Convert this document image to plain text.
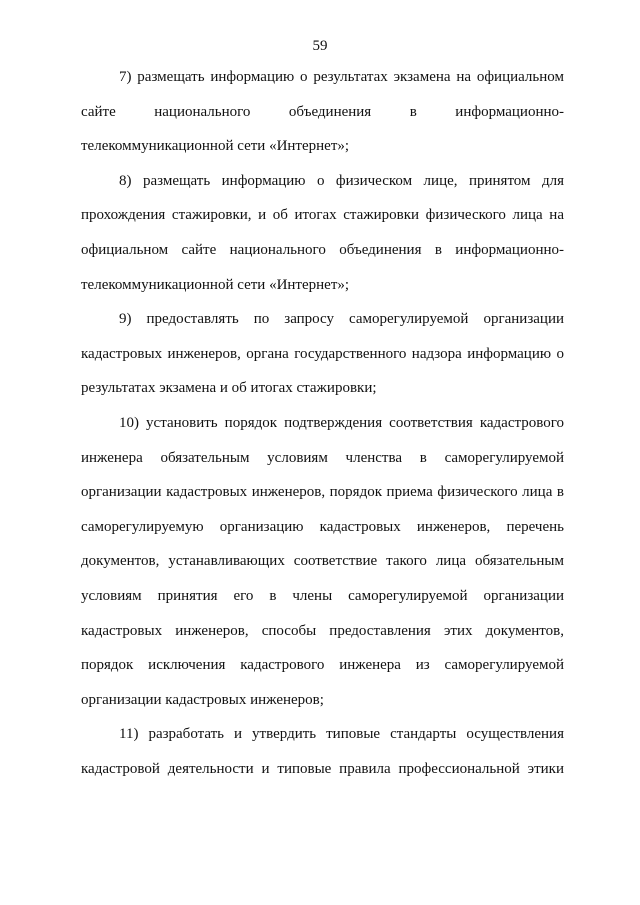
59
7) размещать информацию о результатах экзамена на официальном
сайте национального объединения в информационно-
телекоммуникационной сети «Интернет»;
8) размещать информацию о физическом лице, принятом для
прохождения стажировки, и об итогах стажировки физического лица на
официальном сайте национального объединения в информационно-
телекоммуникационной сети «Интернет»;
9) предоставлять по запросу саморегулируемой организации
кадастровых инженеров, органа государственного надзора информацию о
результатах экзамена и об итогах стажировки;
10) установить порядок подтверждения соответствия кадастрового
инженера обязательным условиям членства в саморегулируемой
организации кадастровых инженеров, порядок приема физического лица в
саморегулируемую организацию кадастровых инженеров, перечень
документов, устанавливающих соответствие такого лица обязательным
условиям принятия его в члены саморегулируемой организации
кадастровых инженеров, способы предоставления этих документов,
порядок исключения кадастрового инженера из саморегулируемой
организации кадастровых инженеров;
11) разработать и утвердить типовые стандарты осуществления
кадастровой деятельности и типовые правила профессиональной этики
